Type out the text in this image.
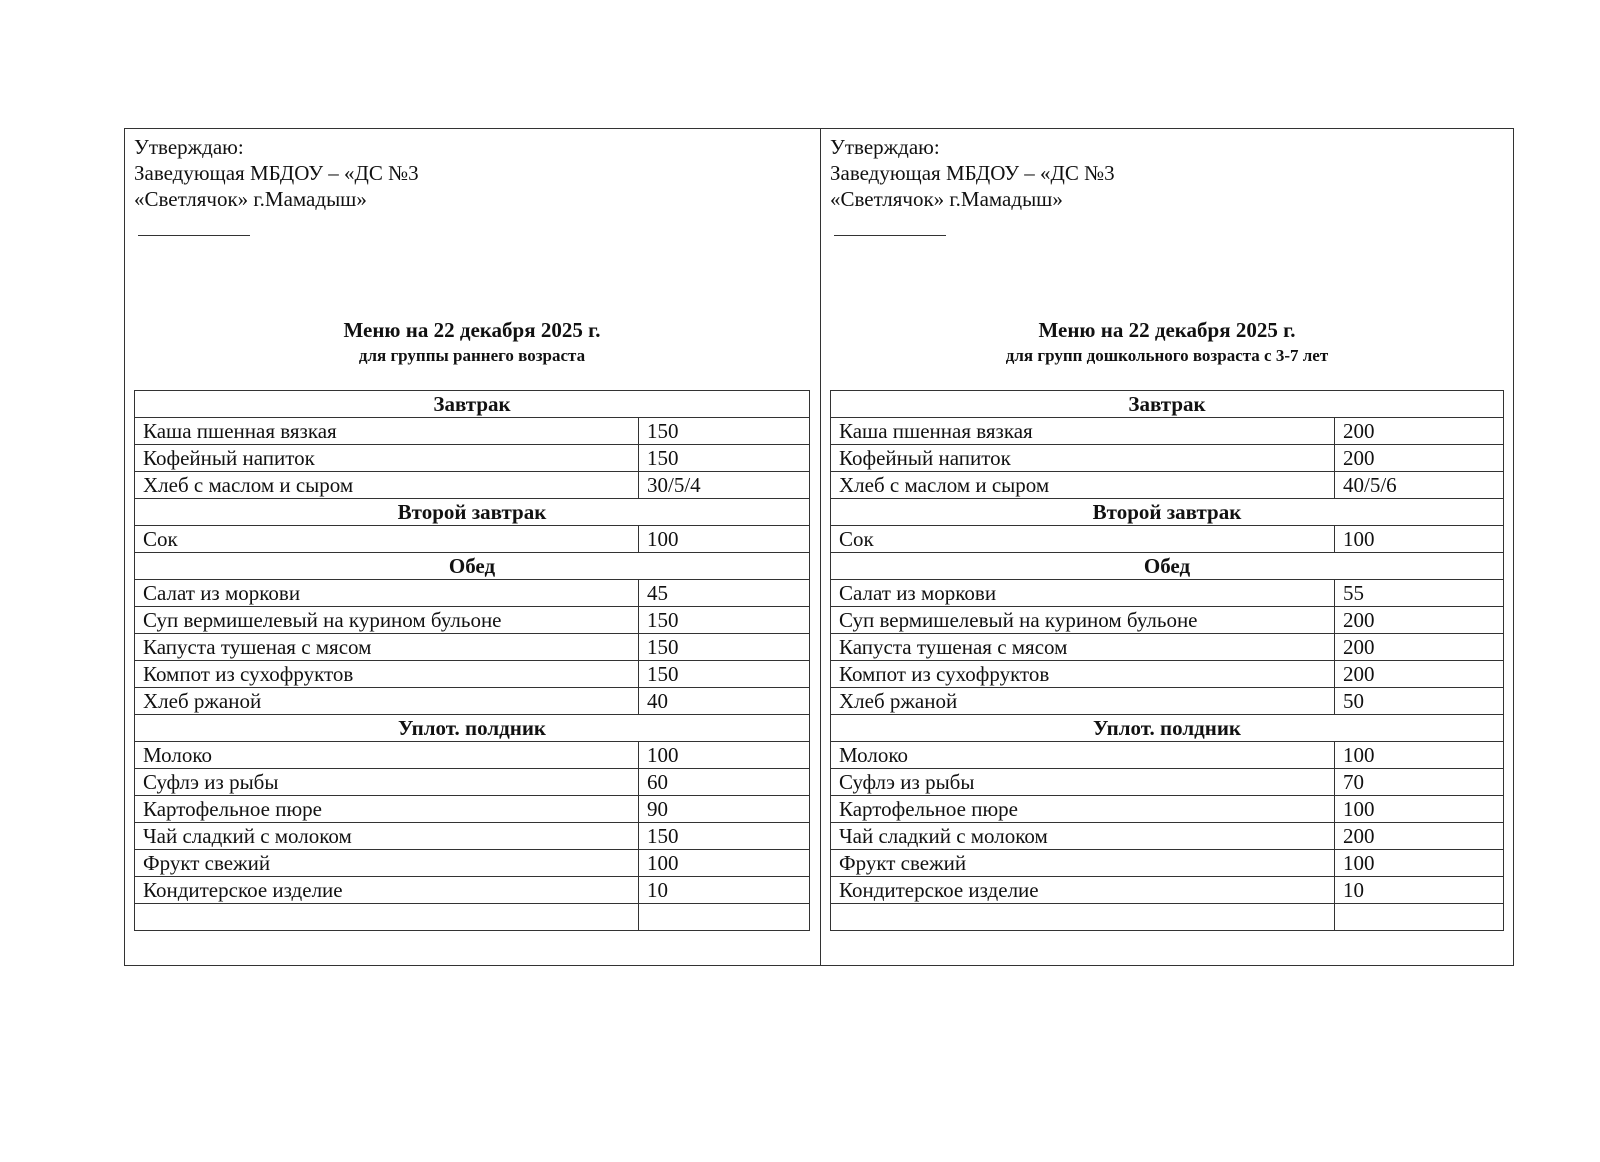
Утверждаю:
Заведующая МБДОУ – «ДС №3
«Светлячок» г.Мамадыш»
Меню на 22 декабря 2025 г.
для группы раннего возраста
Завтрак	
Каша пшенная вязкая	150
Кофейный напиток	150
Хлеб с маслом и сыром	30/5/4
Второй завтрак	
Сок	100
Обед	
Салат из моркови	45
Суп вермишелевый на курином бульоне	150
Капуста тушеная с мясом	150
Компот из сухофруктов	150
Хлеб ржаной	40
Уплот. полдник	
Молоко	100
Суфлэ из рыбы	60
Картофельное пюре	90
Чай сладкий с молоком	150
Фрукт свежий	100
Кондитерское изделие	10

Утверждаю:
Заведующая МБДОУ – «ДС №3
«Светлячок» г.Мамадыш»
Меню на 22 декабря 2025 г.
для групп дошкольного возраста с 3-7 лет
Завтрак	
Каша пшенная вязкая	200
Кофейный напиток	200
Хлеб с маслом и сыром	40/5/6
Второй завтрак	
Сок	100
Обед	
Салат из моркови	55
Суп вермишелевый на курином бульоне	200
Капуста тушеная с мясом	200
Компот из сухофруктов	200
Хлеб ржаной	50
Уплот. полдник	
Молоко	100
Суфлэ из рыбы	70
Картофельное пюре	100
Чай сладкий с молоком	200
Фрукт свежий	100
Кондитерское изделие	10
